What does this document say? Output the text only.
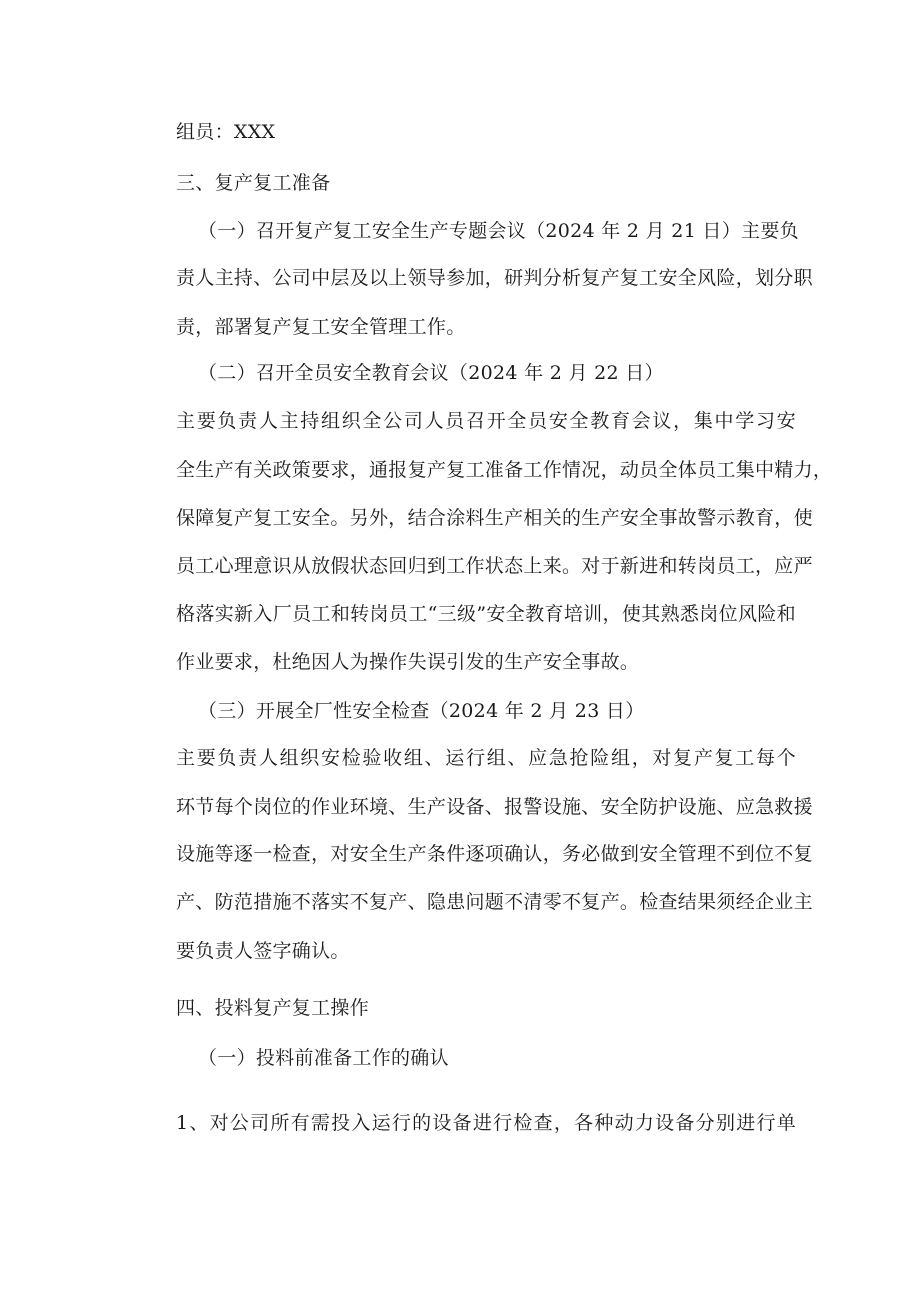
组员：XXX
三、复产复工准备
（一）召开复产复工安全生产专题会议（2024 年 2 月 21 日）主要负
责人主持、公司中层及以上领导参加，研判分析复产复工安全风险，划分职
责，部署复产复工安全管理工作。
（二）召开全员安全教育会议（2024 年 2 月 22 日）
主要负责人主持组织全公司人员召开全员安全教育会议，集中学习安
全生产有关政策要求，通报复产复工准备工作情况，动员全体员工集中精力，
保障复产复工安全。另外，结合涂料生产相关的生产安全事故警示教育，使
员工心理意识从放假状态回归到工作状态上来。对于新进和转岗员工，应严
格落实新入厂员工和转岗员工“三级”安全教育培训，使其熟悉岗位风险和
作业要求，杜绝因人为操作失误引发的生产安全事故。
（三）开展全厂性安全检查（2024 年 2 月 23 日）
主要负责人组织安检验收组、运行组、应急抢险组，对复产复工每个
环节每个岗位的作业环境、生产设备、报警设施、安全防护设施、应急救援
设施等逐一检查，对安全生产条件逐项确认，务必做到安全管理不到位不复
产、防范措施不落实不复产、隐患问题不清零不复产。检查结果须经企业主
要负责人签字确认。
四、投料复产复工操作
（一）投料前准备工作的确认
1、对公司所有需投入运行的设备进行检查，各种动力设备分别进行单
